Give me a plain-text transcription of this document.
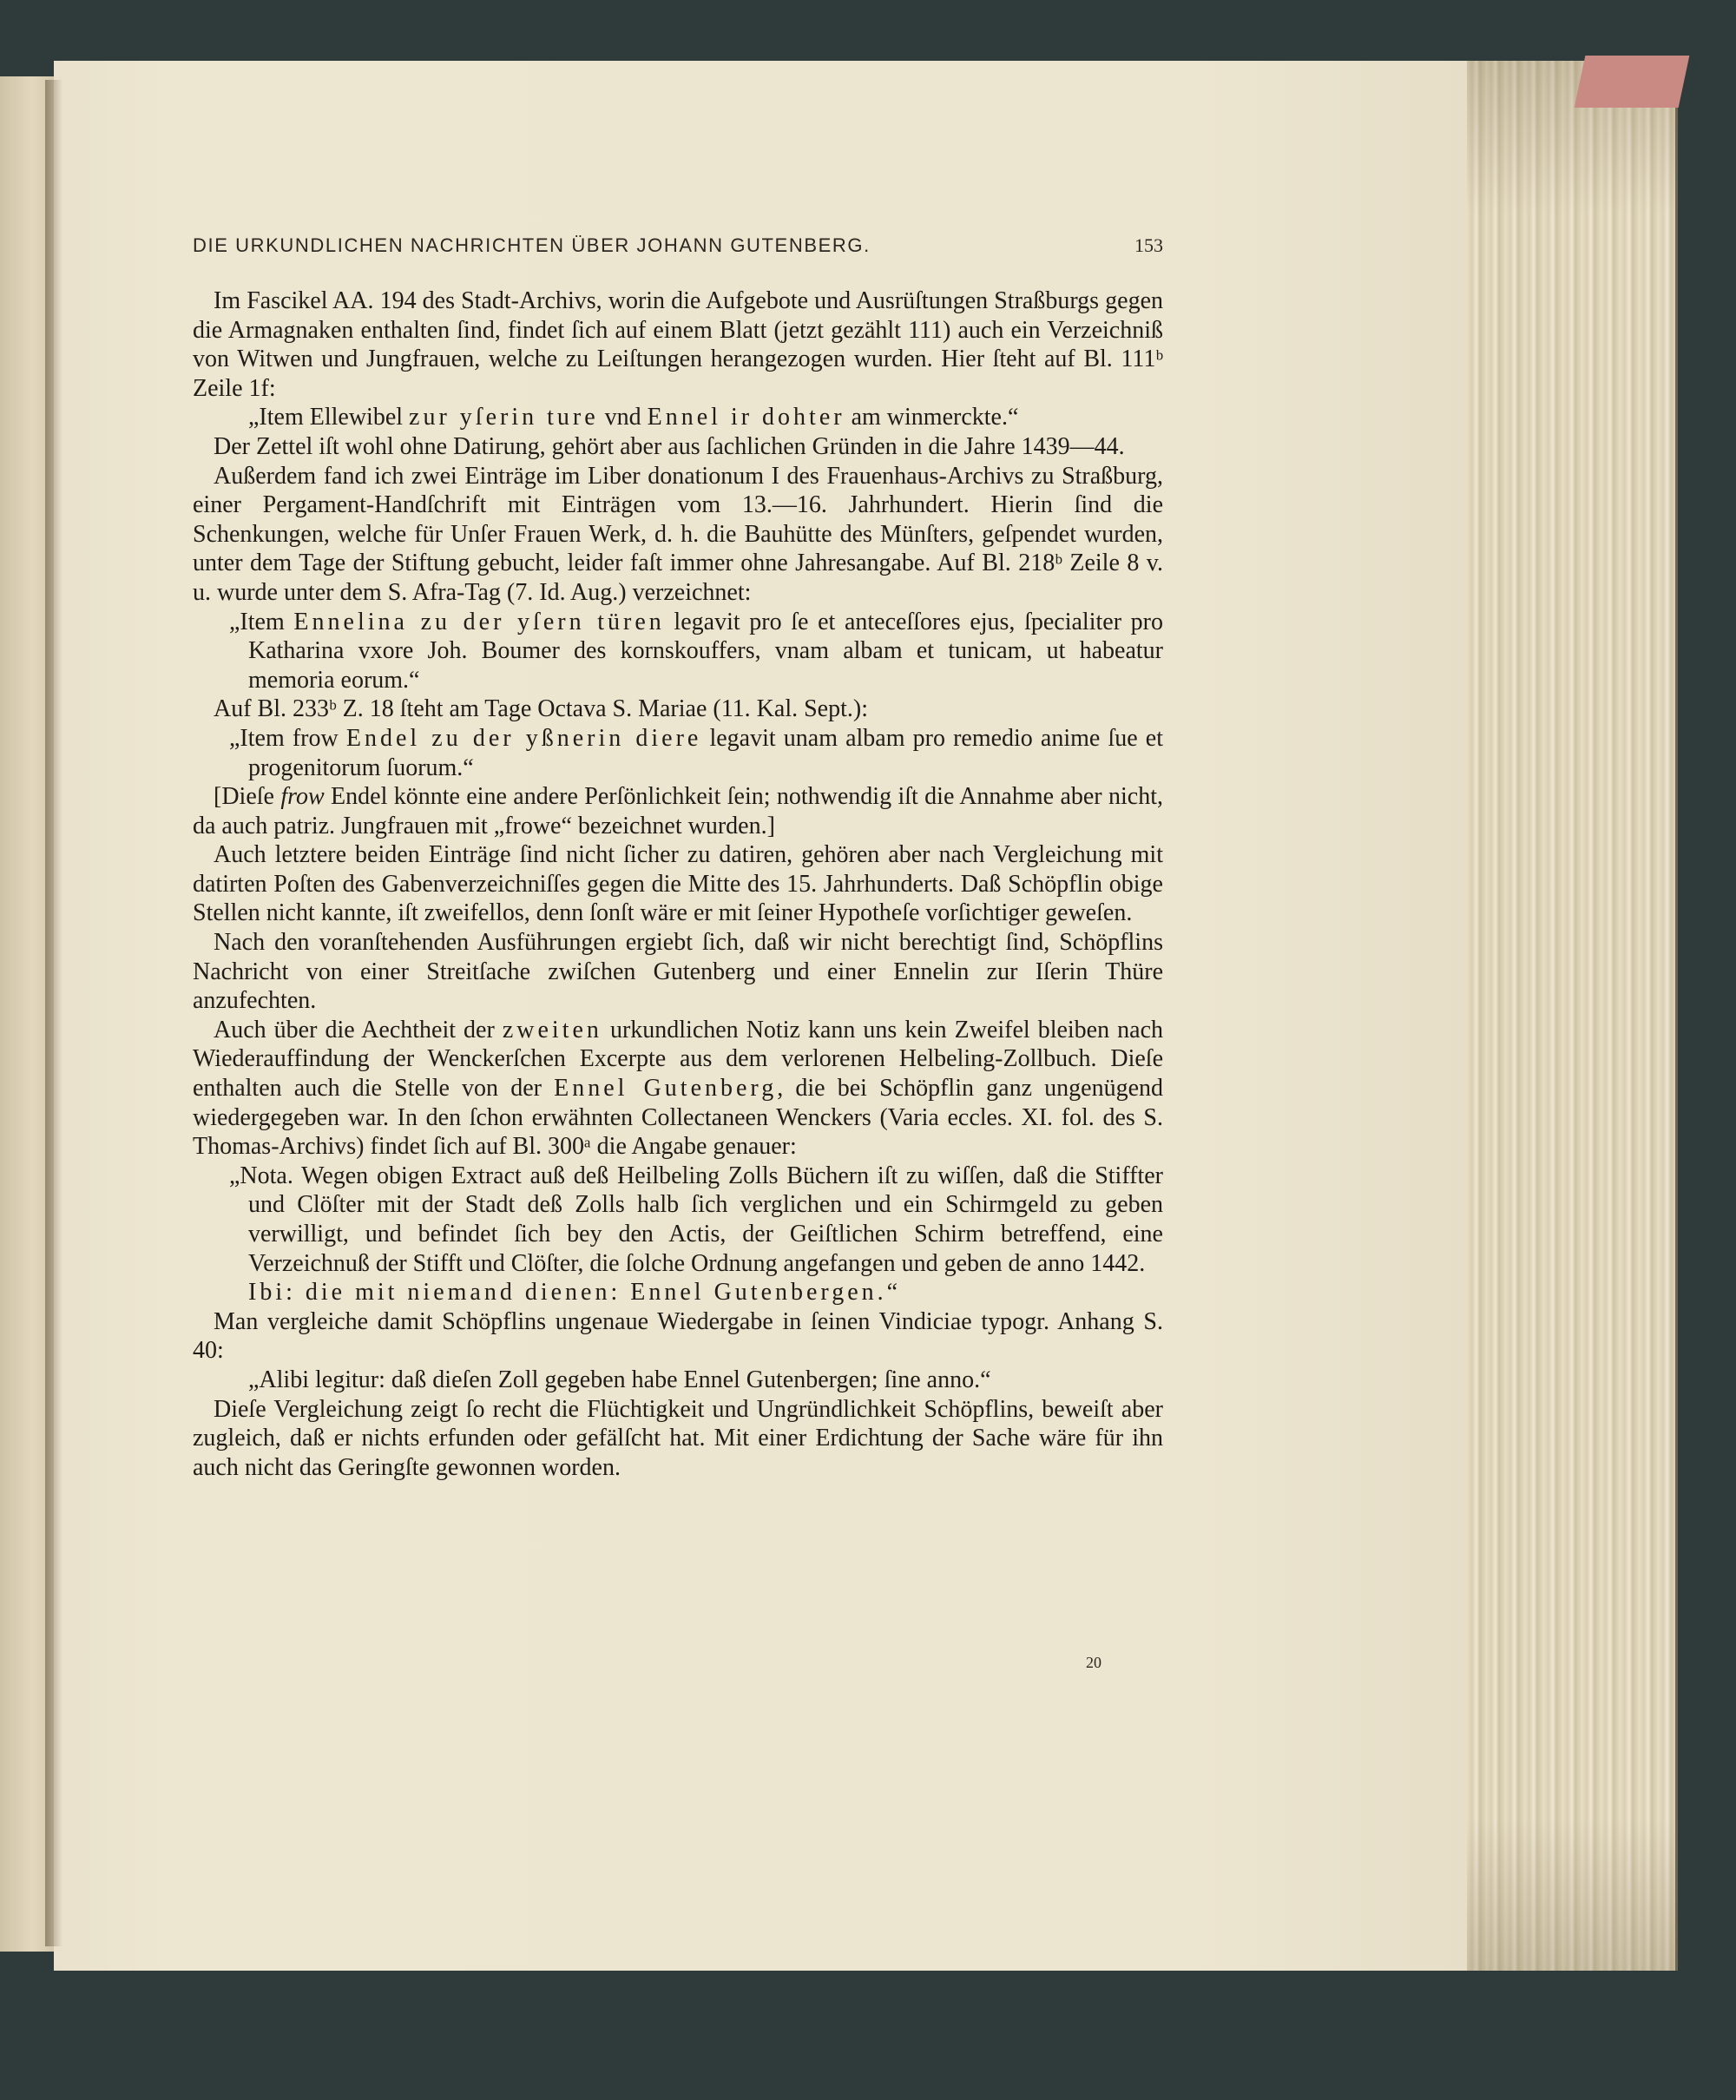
DIE URKUNDLICHEN NACHRICHTEN ÜBER JOHANN GUTENBERG.	153

Im Fascikel AA. 194 des Stadt-Archivs, worin die Aufgebote und Ausrüſtungen Straßburgs gegen die Armagnaken enthalten ſind, findet ſich auf einem Blatt (jetzt gezählt 111) auch ein Verzeichniß von Witwen und Jungfrauen, welche zu Leiſtungen herangezogen wurden. Hier ſteht auf Bl. 111ᵇ Zeile 1f:

„Item Ellewibel zur yſerin ture vnd Ennel ir dohter am winmerckte.“

Der Zettel iſt wohl ohne Datirung, gehört aber aus ſachlichen Gründen in die Jahre 1439—44.

Außerdem fand ich zwei Einträge im Liber donationum I des Frauenhaus-Archivs zu Straßburg, einer Pergament-Handſchrift mit Einträgen vom 13.—16. Jahrhundert. Hierin ſind die Schenkungen, welche für Unſer Frauen Werk, d. h. die Bauhütte des Münſters, geſpendet wurden, unter dem Tage der Stiftung gebucht, leider faſt immer ohne Jahresangabe. Auf Bl. 218ᵇ Zeile 8 v. u. wurde unter dem S. Afra-Tag (7. Id. Aug.) verzeichnet:

„Item Ennelina zu der yſern türen legavit pro ſe et anteceſſores ejus, ſpecialiter pro Katharina vxore Joh. Boumer des kornskouffers, vnam albam et tunicam, ut habeatur memoria eorum.“

Auf Bl. 233ᵇ Z. 18 ſteht am Tage Octava S. Mariae (11. Kal. Sept.):

„Item frow Endel zu der yßnerin diere legavit unam albam pro remedio anime ſue et progenitorum ſuorum.“

[Dieſe frow Endel könnte eine andere Perſönlichkeit ſein; nothwendig iſt die Annahme aber nicht, da auch patriz. Jungfrauen mit „frowe“ bezeichnet wurden.]

Auch letztere beiden Einträge ſind nicht ſicher zu datiren, gehören aber nach Vergleichung mit datirten Poſten des Gabenverzeichniſſes gegen die Mitte des 15. Jahrhunderts. Daß Schöpflin obige Stellen nicht kannte, iſt zweifellos, denn ſonſt wäre er mit ſeiner Hypotheſe vorſichtiger geweſen.

Nach den voranſtehenden Ausführungen ergiebt ſich, daß wir nicht berechtigt ſind, Schöpflins Nachricht von einer Streitſache zwiſchen Gutenberg und einer Ennelin zur Iſerin Thüre anzufechten.

Auch über die Aechtheit der zweiten urkundlichen Notiz kann uns kein Zweifel bleiben nach Wiederauffindung der Wenckerſchen Excerpte aus dem verlorenen Helbeling-Zollbuch. Dieſe enthalten auch die Stelle von der Ennel Gutenberg, die bei Schöpflin ganz ungenügend wiedergegeben war. In den ſchon erwähnten Collectaneen Wenckers (Varia eccles. XI. fol. des S. Thomas-Archivs) findet ſich auf Bl. 300ᵃ die Angabe genauer:

„Nota. Wegen obigen Extract auß deß Heilbeling Zolls Büchern iſt zu wiſſen, daß die Stiffter und Clöſter mit der Stadt deß Zolls halb ſich verglichen und ein Schirmgeld zu geben verwilligt, und befindet ſich bey den Actis, der Geiſtlichen Schirm betreffend, eine Verzeichnuß der Stifft und Clöſter, die ſolche Ordnung angefangen und geben de anno 1442.

Ibi: die mit niemand dienen: Ennel Gutenbergen.“

Man vergleiche damit Schöpflins ungenaue Wiedergabe in ſeinen Vindiciae typogr. Anhang S. 40:

„Alibi legitur: daß dieſen Zoll gegeben habe Ennel Gutenbergen; ſine anno.“

Dieſe Vergleichung zeigt ſo recht die Flüchtigkeit und Ungründlichkeit Schöpflins, beweiſt aber zugleich, daß er nichts erfunden oder gefälſcht hat. Mit einer Erdichtung der Sache wäre für ihn auch nicht das Geringſte gewonnen worden.

20
